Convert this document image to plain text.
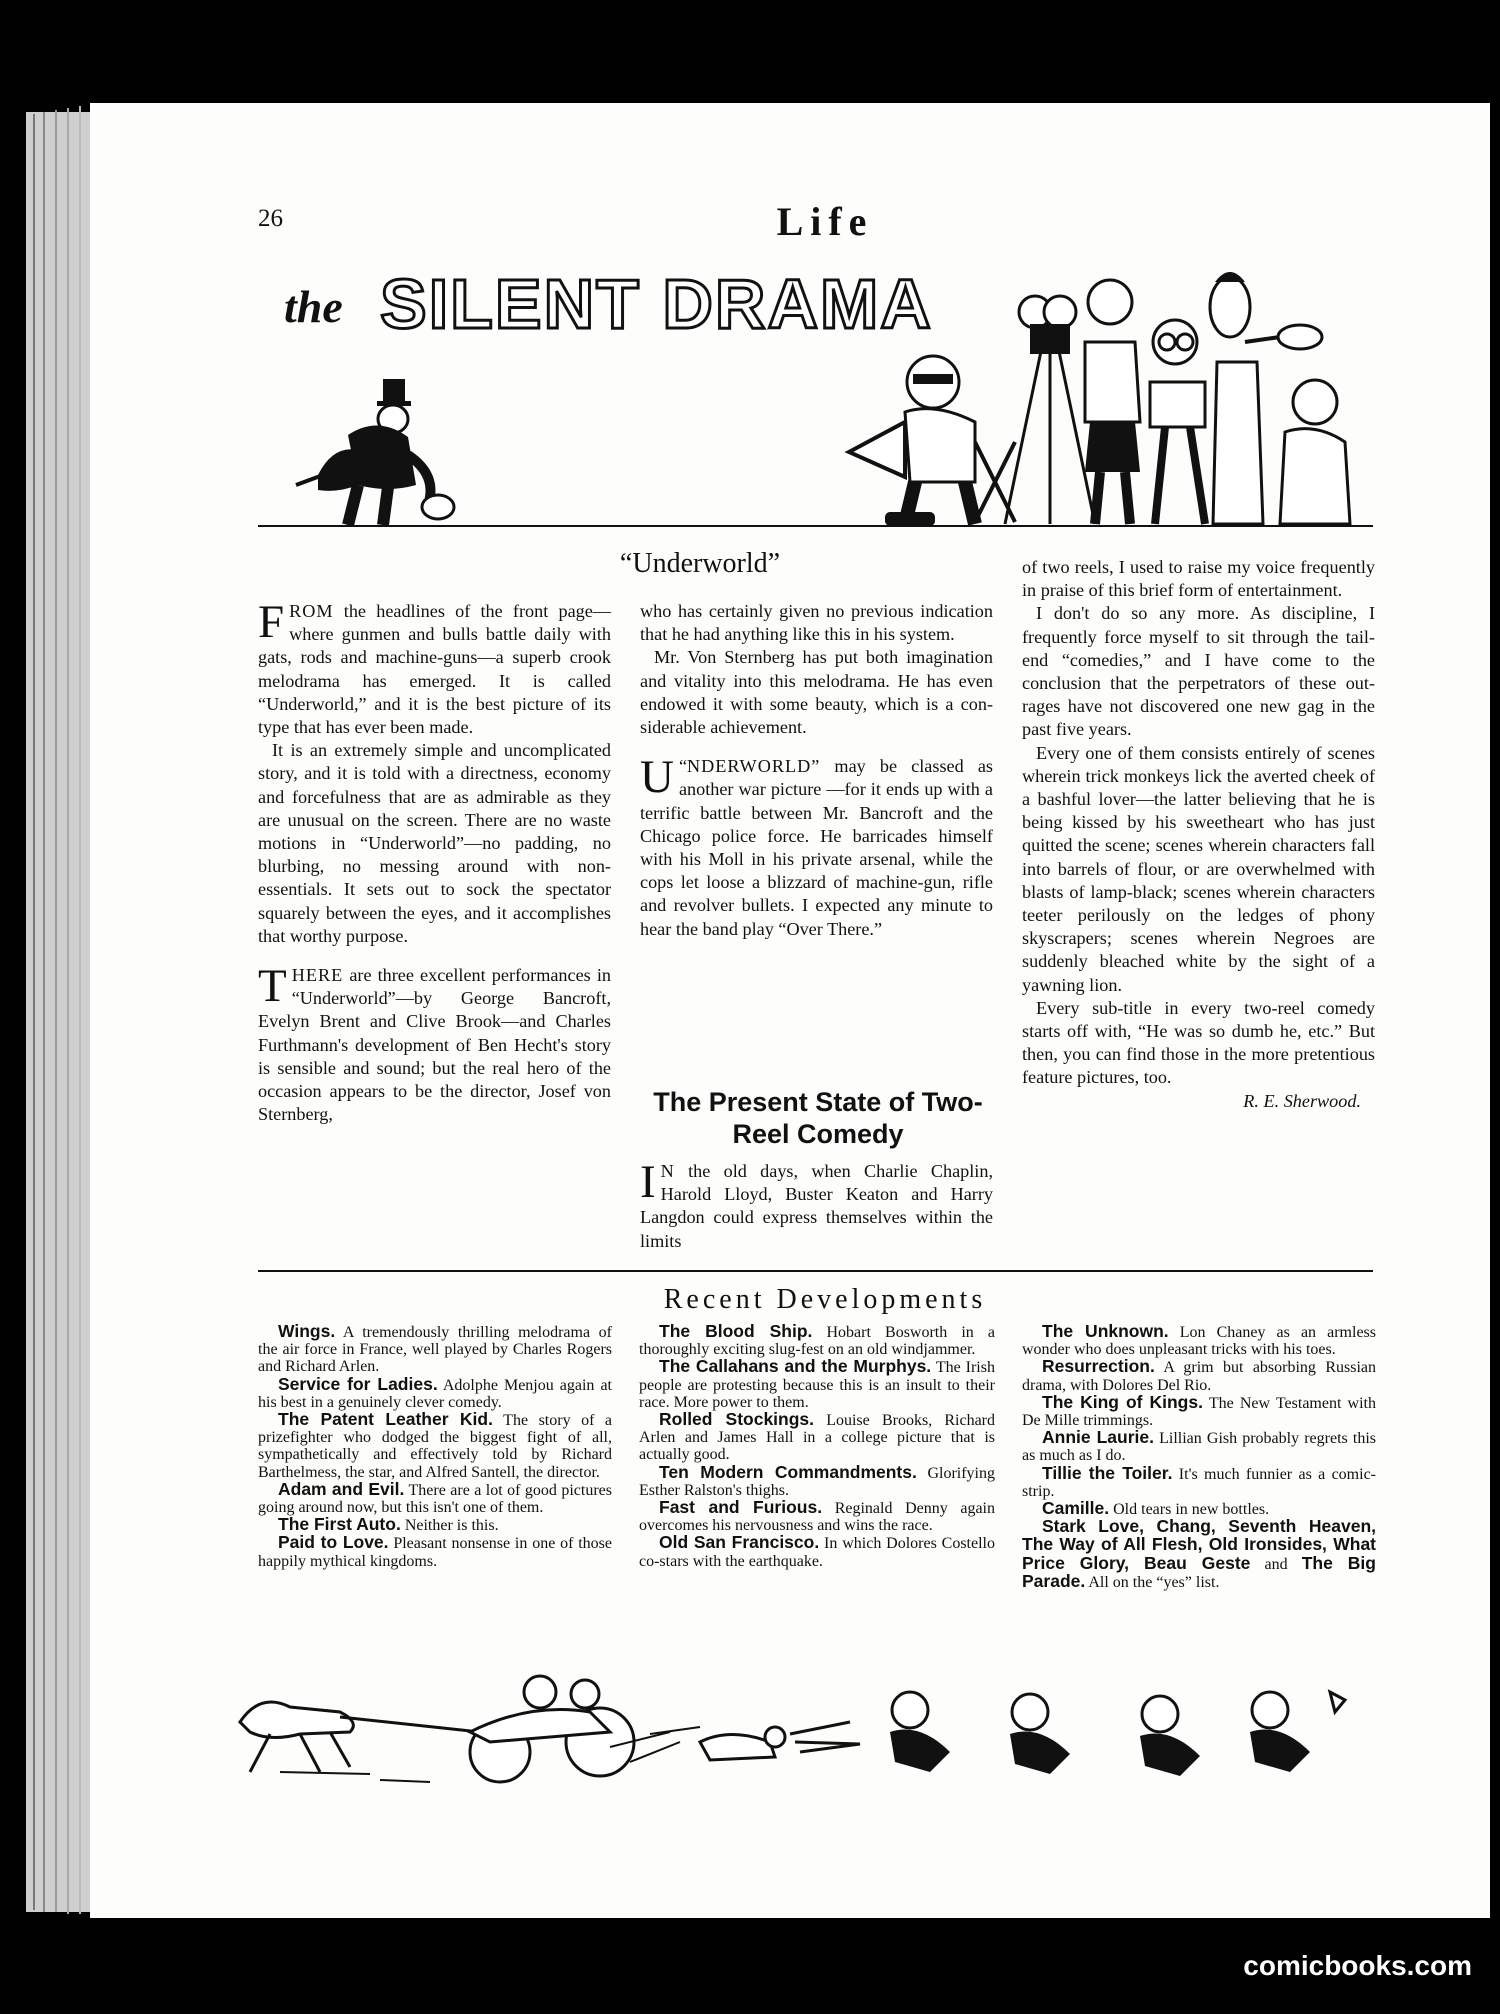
26	Life
the SILENT DRAMA
“Underworld”

FROM the headlines of the front page—where gunmen and bulls battle daily with gats, rods and machine-guns—a superb crook melodrama has emerged. It is called “Underworld,” and it is the best picture of its type that has ever been made.

It is an extremely simple and uncomplicated story, and it is told with a directness, economy and forcefulness that are as admirable as they are unusual on the screen. There are no waste motions in “Underworld”—no padding, no blurbing, no messing around with non-essentials. It sets out to sock the spectator squarely between the eyes, and it accomplishes that worthy purpose.

THERE are three excellent performances in “Underworld”—by George Bancroft, Evelyn Brent and Clive Brook—and Charles Furthmann's development of Ben Hecht's story is sensible and sound; but the real hero of the occasion appears to be the director, Josef von Sternberg,

who has certainly given no previous indication that he had anything like this in his system.

Mr. Von Sternberg has put both imagination and vitality into this melodrama. He has even endowed it with some beauty, which is a considerable achievement.

“
U NDERWORLD” may be classed as another war picture —for it ends up with a terrific battle between Mr. Bancroft and the Chicago police force. He barricades himself with his Moll in his private arsenal, while the cops let loose a blizzard of machine-gun, rifle and revolver bullets. I expected any minute to hear the band play “Over There.”

The Present State of Two-Reel Comedy

I N the old days, when Charlie Chaplin, Harold Lloyd, Buster Keaton and Harry Langdon could express themselves within the limits

of two reels, I used to raise my voice frequently in praise of this brief form of entertainment.

I don't do so any more. As discipline, I frequently force myself to sit through the tail-end “comedies,” and I have come to the conclusion that the perpetrators of these outrages have not discovered one new gag in the past five years.

Every one of them consists entirely of scenes wherein trick monkeys lick the averted cheek of a bashful lover—the latter believing that he is being kissed by his sweetheart who has just quitted the scene; scenes wherein characters fall into barrels of flour, or are overwhelmed with blasts of lamp-black; scenes wherein characters teeter perilously on the ledges of phony skyscrapers; scenes wherein Negroes are suddenly bleached white by the sight of a yawning lion.

Every sub-title in every two-reel comedy starts off with, “He was so dumb he, etc.” But then, you can find those in the more pretentious feature pictures, too.

R. E. Sherwood.
Recent Developments

Wings. A tremendously thrilling melodrama of the air force in France, well played by Charles Rogers and Richard Arlen.

Service for Ladies. Adolphe Menjou again at his best in a genuinely clever comedy.

The Patent Leather Kid. The story of a prizefighter who dodged the biggest fight of all, sympathetically and effectively told by Richard Barthelmess, the star, and Alfred Santell, the director.

Adam and Evil. There are a lot of good pictures going around now, but this isn't one of them.

The First Auto. Neither is this.

Paid to Love. Pleasant nonsense in one of those happily mythical kingdoms.

The Blood Ship. Hobart Bosworth in a thoroughly exciting slug-fest on an old windjammer.

The Callahans and the Murphys. The Irish people are protesting because this is an insult to their race. More power to them.

Rolled Stockings. Louise Brooks, Richard Arlen and James Hall in a college picture that is actually good.

Ten Modern Commandments. Glorifying Esther Ralston's thighs.

Fast and Furious. Reginald Denny again overcomes his nervousness and wins the race.

Old San Francisco. In which Dolores Costello co-stars with the earthquake.

The Unknown. Lon Chaney as an armless wonder who does unpleasant tricks with his toes.

Resurrection. A grim but absorbing Russian drama, with Dolores Del Rio.

The King of Kings. The New Testament with De Mille trimmings.

Annie Laurie. Lillian Gish probably regrets this as much as I do.

Tillie the Toiler. It's much funnier as a comic-strip.

Camille. Old tears in new bottles.

Stark Love, Chang, Seventh Heaven, The Way of All Flesh, Old Ironsides, What Price Glory, Beau Geste and The Big Parade. All on the “yes” list.

comicbooks.com
